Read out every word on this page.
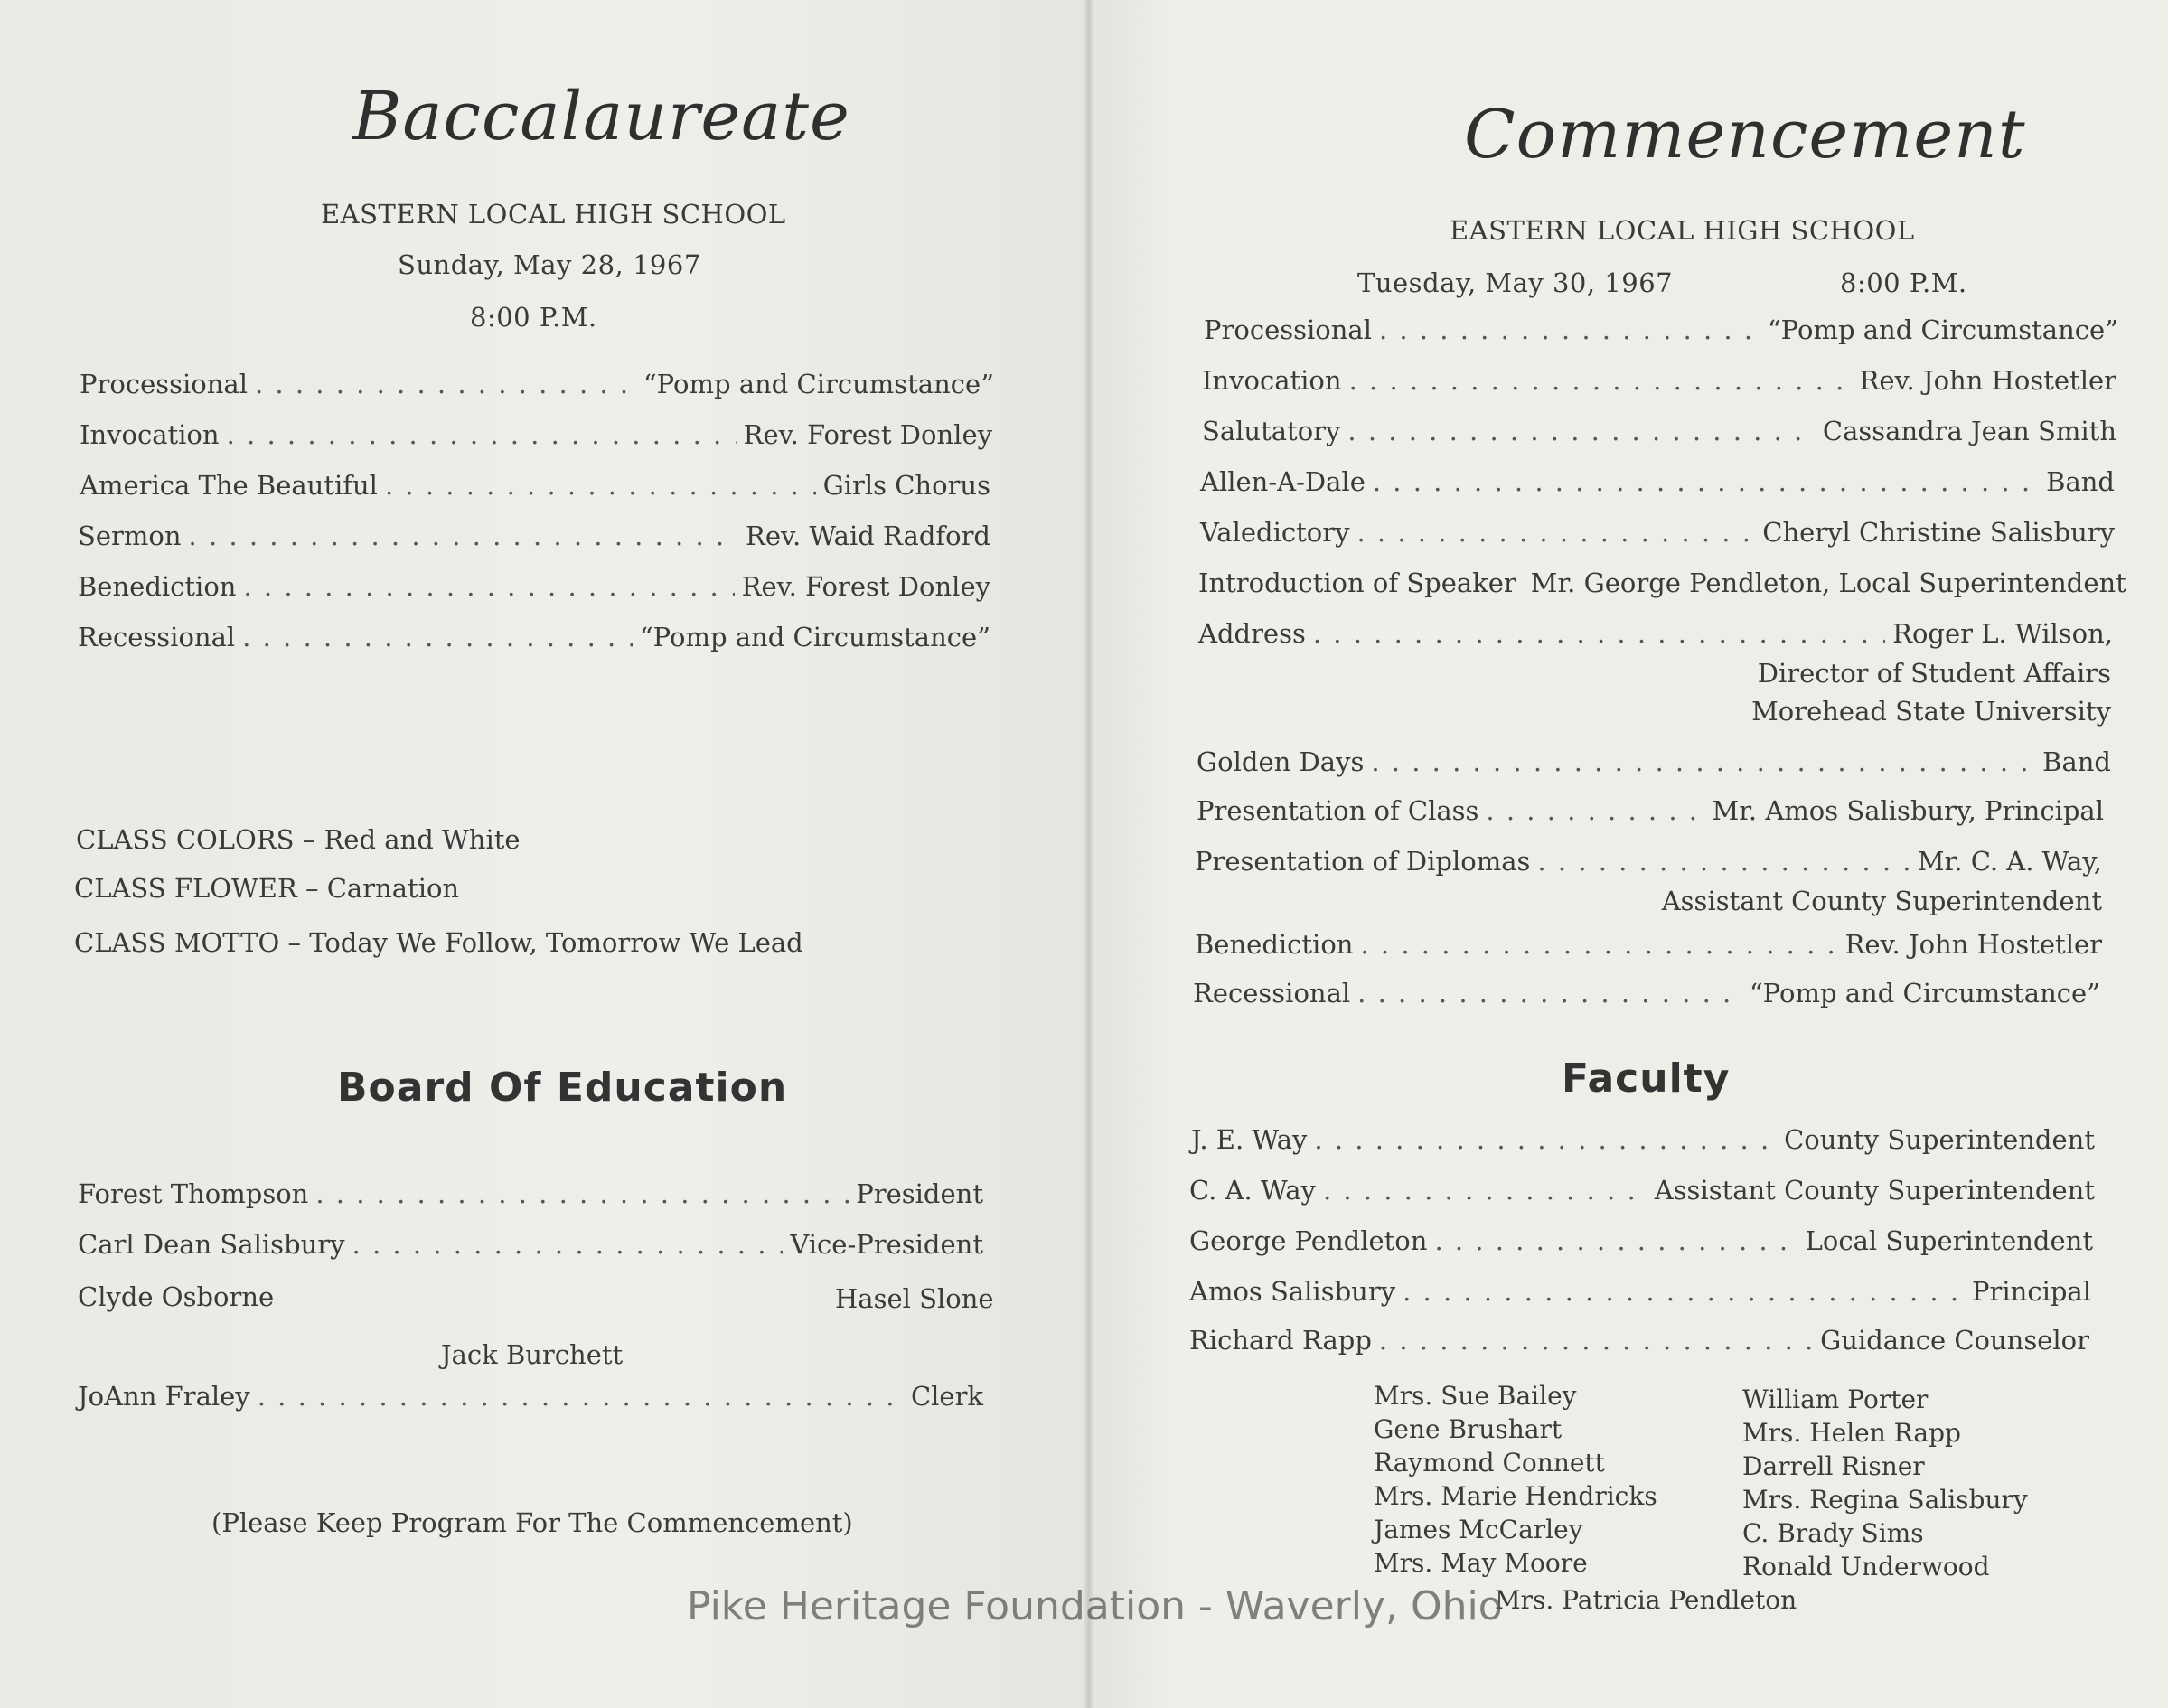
Baccalaureate
EASTERN LOCAL HIGH SCHOOL
Sunday, May 28, 1967
8:00 P.M.
Processional . . .	“Pomp and Circumstance”
Invocation . . .	Rev. Forest Donley
America The Beautiful . . .	Girls Chorus
Sermon . . .	Rev. Waid Radford
Benediction . . .	Rev. Forest Donley
Recessional . . .	“Pomp and Circumstance”
CLASS COLORS – Red and White
CLASS FLOWER – Carnation
CLASS MOTTO – Today We Follow, Tomorrow We Lead
Board Of Education
Forest Thompson . . .	President
Carl Dean Salisbury . . .	Vice-President
Clyde Osborne	Hasel Slone
Jack Burchett
JoAnn Fraley . . .	Clerk
(Please Keep Program For The Commencement)
Commencement
EASTERN LOCAL HIGH SCHOOL
Tuesday, May 30, 1967	8:00 P.M.
Processional . . .	“Pomp and Circumstance”
Invocation . . .	Rev. John Hostetler
Salutatory . . .	Cassandra Jean Smith
Allen-A-Dale . . .	Band
Valedictory . . .	Cheryl Christine Salisbury
Introduction of Speaker Mr. George Pendleton, Local Superintendent
Address . . .	Roger L. Wilson,
Director of Student Affairs
Morehead State University
Golden Days . . .	Band
Presentation of Class . . .	Mr. Amos Salisbury, Principal
Presentation of Diplomas . . .	Mr. C. A. Way,
Assistant County Superintendent
Benediction . . .	Rev. John Hostetler
Recessional . . .	“Pomp and Circumstance”
Faculty
J. E. Way . . .	County Superintendent
C. A. Way . . .	Assistant County Superintendent
George Pendleton . . .	Local Superintendent
Amos Salisbury . . .	Principal
Richard Rapp . . .	Guidance Counselor
Mrs. Sue Bailey
Gene Brushart
Raymond Connett
Mrs. Marie Hendricks
James McCarley
Mrs. May Moore
William Porter
Mrs. Helen Rapp
Darrell Risner
Mrs. Regina Salisbury
C. Brady Sims
Ronald Underwood
Mrs. Patricia Pendleton
Pike Heritage Foundation - Waverly, Ohio
